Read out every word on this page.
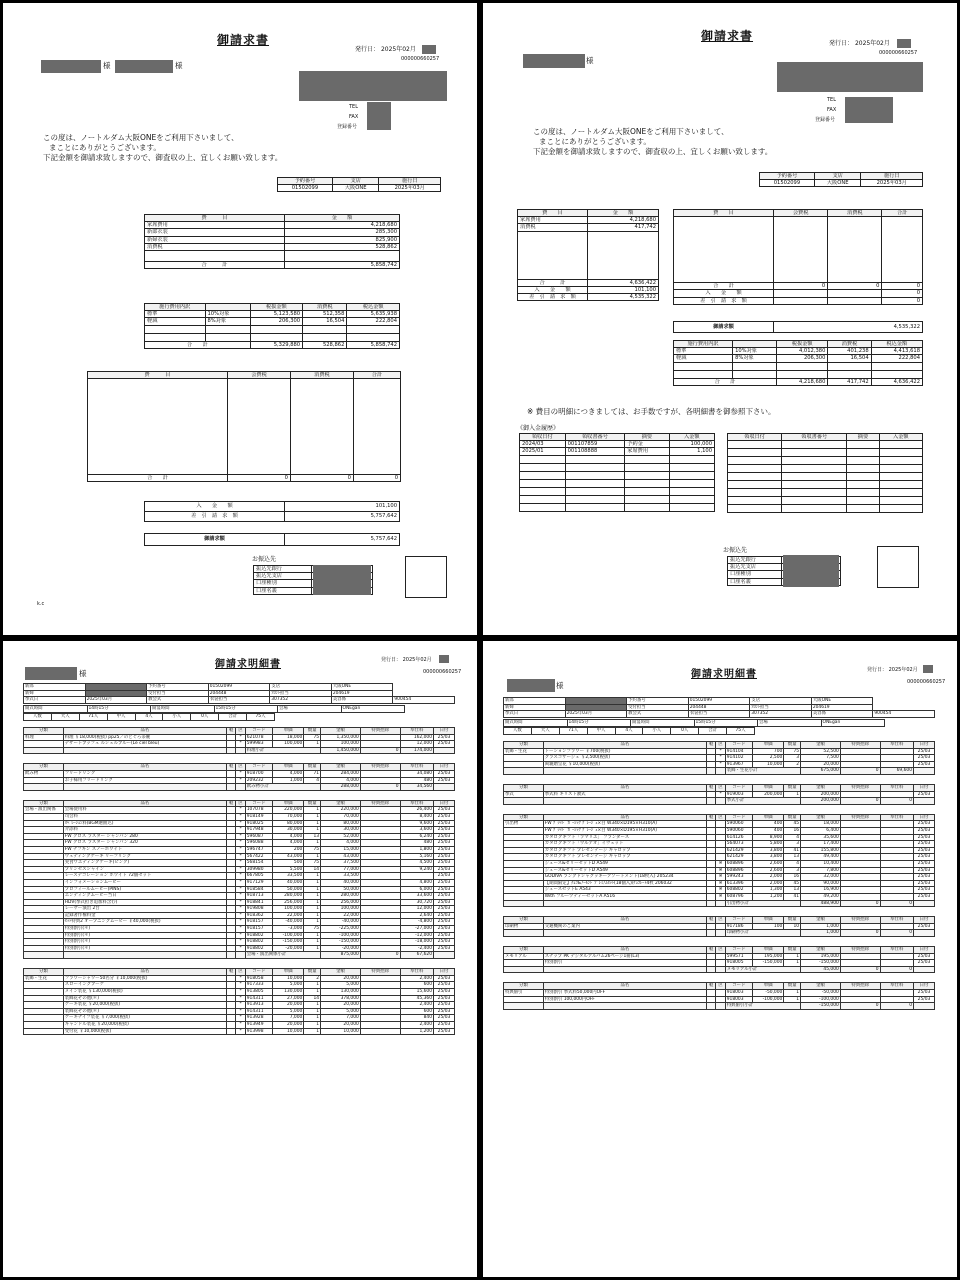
御請求書
発行日： 2025年02月
000000660257
様	様
TEL
FAX
登録番号
この度は、ノートルダム大阪ONEをご利用下さいまして、
まことにありがとうございます。
下記金額を御請求致しますので、御査収の上、宜しくお願い致します。
予約番号	支店	施行日
01502099	大阪ONE	2025年03月
費　　　目	金　　額
家席費用	4,218,680
新郎衣装	285,300
新婦衣装	825,900
消費税	528,862

合　　　計	5,858,742
施行費用内訳		税抜金額	消費税	税込金額
標準	10%対象	5,123,580	512,358	5,635,938
軽減	8%対象	206,300	16,504	222,804

合　　計		5,329,880	528,862	5,858,742
費　　　目	会費税	消費税	合計

合　　計	0	0	0
入　　金　　額	101,100
差　引　請　求　額	5,757,642
御請求額	5,757,642
お振込先
振込先銀行	
振込先支店	
口座種別	
口座名義	
k.c
御請求書
発行日： 2025年02月
000000660257
様
TEL
FAX
登録番号
この度は、ノートルダム大阪ONEをご利用下さいまして、
まことにありがとうございます。
下記金額を御請求致しますので、御査収の上、宜しくお願い致します。
予約番号	支店	施行日
01502099	大阪ONE	2025年03月
費　　目	金　　額
家席費用	4,218,680
消費税	417,742

合　　　計	4,636,422
入　　金　　額	101,100
差　引　請　求　額	4,535,322
費　　目	会費税	消費税	合計

合　　計	0	0	0
入　　金　　額			0
差　引　請　求　額			0
御請求額	4,535,322
施行費用内訳		税抜金額	消費税	税込金額
標準	10%対象	4,012,380	401,238	4,413,618
軽減	8%対象	206,300	16,504	222,804

合　　計		4,218,680	417,742	4,636,422
※ 費目の明細につきましては、お手数ですが、各明細書を御参照下さい。
《御入金履歴》
領収日付	領収書番号	摘要	入金額
2024/03	001107859	予約金	100,000
2025/01	001108888	家席費用	1,100

領収日付	領収書番号	摘要	入金額

お振込先
振込先銀行	
振込先支店	
口座種別	
口座名義	
御請求明細書	発行日： 2025年02月
000000660257
様
新郎		予約番号	01502099	支店	大阪ONE	
新婦		受付担当	204448	ﾌﾛﾝﾄ担当	204619	
挙式日	2025年03月	教会式	衣裳担当	307352	美容係	900454
開式時間	14時15分	開宴時間	15時15分	会場	ONEgan
人数	大人	71人	中人	4人	小人	0人	合計	75人
分類	品名	軽	区	コード	単価	数量	金額	特典控除	奉仕料	日付
料理	料理 ￥18,000(税抜) pp25／のどぐろ茶碗		*	621078	18,000	75	1,350,000		162,000	25/03
	デザートブッフェ ルシェルブルー(Le ciel bleu)		*	599983	100,000	1	100,000		12,000	25/03
				料理小計			1,450,000	0	174,000	
分類	品名	軽	区	コード	単価	数量	金額	特典控除	奉仕料	日付
飲み物	フリードリンク		*	918700	4,000	71	284,000		34,080	25/03
	お子様用フリードリンク		*	209232	1,000	4	4,000		480	25/03
				飲み物小計			288,000	0	34,560	
分類	品名	軽	区	コード	単価	数量	金額	特典控除	奉仕料	日付
会場・演出関係	会場使用料		*	107078	220,000	1	220,000		26,400	25/03
	司会料		*	918149	70,000	1	70,000		8,400	25/03
	ｵﾍﾟﾚｰｼｮﾝ料(BGM選曲込)		*	918025	80,000	1	80,000		9,600	25/03
	介添料		*	917948	30,000	1	30,000		3,600	25/03
	FW クロス ラスター シャンパン 280		*	596087	4,000	13	52,000		6,240	25/03
	FW クロス ラスター シャンパン 320		*	596088	4,000	1	4,000		480	25/03
	FW ナフキン スノーホワイト		*	596747	200	75	15,000		1,800	25/03
	ウェディングケーキ リーフリング		*	567422	43,000	1	43,000		5,160	25/03
	実食ウエディングケーキ(ピンク)		*	568154	500	75	37,500		4,500	25/03
	プリンセスシャイン		*	309980	5,500	14	77,000		9,240	25/03
	レースデコレーション ホワイト 72個セット		*	667805	33,500	1	33,500			25/03
	インフォメーションムービー		*	917129	40,000	1	40,000		4,800	25/03
	プロフィールムービー(PINS)		*	918584	50,000	1	50,000		6,000	25/03
	エンディングムービー当日		*	918713	280,000	1	280,000		33,600	25/03
	HDV(挙式担き追加料含む)		*	918841	256,000	1	256,000		30,720	25/03
	レーザー演出 2台		*	919808	100,000	1	100,000		12,000	25/03
	記録著作権料金		*	918362	22,000	1	22,000		2,640	25/03
	ｾｯﾄ特典2 オープニングムービー ￥40,000(税抜)		*	918157	-40,000	1	-40,000		-4,800	25/03
	特別割引(＊)		*	918157	-3,000	75	-225,000		-27,000	25/03
	特別割引(＊)		*	918802	-100,000	1	-100,000		-12,000	25/03
	特別割引(＊)		*	918802	-150,000	1	-150,000		-18,000	25/03
	特別割引(＊)		*	918802	-20,000	1	-20,000		-2,400	25/03
				会場・演出関係小計			875,000	0	67,620	
分類	品名	軽	区	コード	単価	数量	金額	特典控除	奉仕料	日付
装飾・生花	フラワーシャワー50名分 ￥10,000(税抜)		*	918058	10,000	2	20,000		2,400	25/03
	スローイングブーケ		*	917333	5,000	1	5,000		600	25/03
	メイン装花 ￥130,000(税抜)		*	913805	130,000	1	130,000		15,600	25/03
	装飾花その他(＊)		*	914311	27,000	14	378,000		45,360	25/03
	ケーキ装花 ￥20,000(税抜)		*	913913	20,000	1	20,000		2,400	25/03
	装飾花その他(＊)		*	914311	5,000	1	5,000		600	25/03
	ケーキナイフ装花 ￥7,000(税抜)		*	913928	7,000	1	7,000		840	25/03
	キャンドル装花 ￥20,000(税抜)		*	913949	20,000	1	20,000		2,400	25/03
	受付花 ￥10,000(税抜)		*	913998	10,000	1	10,000		1,200	25/03
御請求明細書	発行日： 2025年02月
000000660257
様
新郎		予約番号	01502099	支店	大阪ONE	
新婦		受付担当	204448	ﾌﾛﾝﾄ担当	204619	
挙式日	2025年03月	教会式	衣裳担当	307352	美容係	900454
開式時間	14時15分	開宴時間	15時15分	会場	ONEgan
人数	大人	71人	中人	4人	小人	0人	合計	75人
分類	品名	軽	区	コード	単価	数量	金額	特典控除	奉仕料	日付
装飾・生花	トーションフラワー ￥700(税抜)		*	914104	700	75	52,500			25/03
	グラスコサージュ ￥2,500(税抜)		*	914102	2,500	3	7,500			25/03
	両親贈呈花 ￥10,000(税抜)		*	913967	10,000	2	20,000			25/03
				装飾・生花小計			675,000	0	69,600	
分類	品名	軽	区	コード	単価	数量	金額	特典控除	奉仕料	日付
挙式	挙式料 キリスト教式		*	919003	200,000	1	200,000			25/03
				挙式小計			200,000	0	0	
分類	品名	軽	区	コード	単価	数量	金額	特典控除	奉仕料	日付
引出物	FW ｸﾞﾗｲﾄﾞ ｶﾞｰｼｯｸ ｸﾞﾚｰｼﾞｭ×白 W340×D195×H310(A)			590060	400	45	18,000			25/03
	FW ｸﾞﾗｲﾄﾞ ｶﾞｰｼｯｸ ｸﾞﾚｰｼﾞｭ×白 W340×D195×H310(A)			590060	400	16	6,400			25/03
	カタログギフト「ラマリエ」 フランダース			614126	8,900	4	35,600			25/03
	カタログギフト「ウルアオ」イヴェット			564073	5,800	3	17,400			25/03
	カタログギフト プレゼンテージ ギャロップ			621429	3,800	41	155,800			25/03
	カタログギフト プレゼンテージ ギャロップ			621429	3,800	13	49,400			25/03
	ジュース&ゼリーセットD A549		※	608896	2,600	4	10,400			25/03
	ジュース&ゼリーセットD A549		※	608896	2,600	3	7,800			25/03
	GODIVA ラングドシャクッキーアソートメント(18枚入) 205234		※	599243	2,000	16	32,000			25/03
	【期間限定】ﾁｮｺ&ｱｰﾓﾝﾄﾞﾌﾟﾚﾐｱﾑｾｯﾄ(18個入)/ﾁｮｺﾚｰﾄ4枚 206032		※	613396	2,000	45	90,000			25/03
	ジュースセットE A543		※	608802	1,300	13	16,900			25/03
	With フルーツティーセットA A516		※	608796	1,200	41	49,200			25/03
				引出物小計			488,900	0	0	
分類	品名	軽	区	コード	単価	数量	金額	特典控除	奉仕料	日付
印刷物	交通機関のご案内			917186	100	10	1,000			25/03
				印刷物小計			1,000	0	0	
分類	品名	軽	区	コード	単価	数量	金額	特典控除	奉仕料	日付
メモリアル	スナップ PK デジタルアルバム26ページ1冊(L3)			599571	195,000	1	195,000			25/03
	特別割引			918005	-150,000	1	-150,000			25/03
				メモリアル小計			45,000	0	0	
分類	品名	軽	区	コード	単価	数量	金額	特典控除	奉仕料	日付
特典値引	特別割引 挙式料50,000円OFF			918003	-50,000	1	-50,000			25/03
	特別割引 100,000円OFF			918003	-100,000	1	-100,000			25/03
				特典値引小計			-150,000	0	0	
